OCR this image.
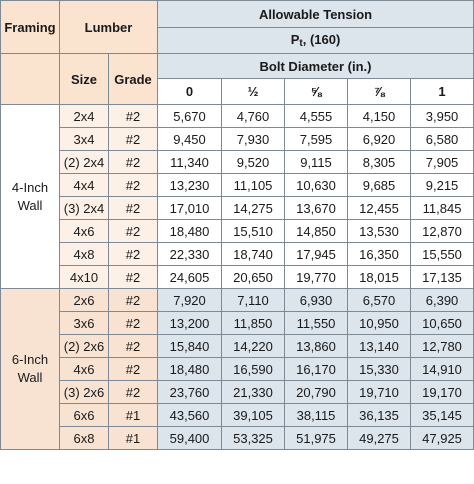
Framing	Lumber		Allowable Tension				
			$P_t$, (160)				
	Size	Grade	Bolt Diameter (in.)				
			0	½	⅝	⅞	1

4-Inch
Wall	2x4	#2	5,670	4,760	4,555	4,150	3,950
	3x4	#2	9,450	7,930	7,595	6,920	6,580
	(2) 2x4	#2	11,340	9,520	9,115	8,305	7,905
	4x4	#2	13,230	11,105	10,630	9,685	9,215
	(3) 2x4	#2	17,010	14,275	13,670	12,455	11,845
	4x6	#2	18,480	15,510	14,850	13,530	12,870
	4x8	#2	22,330	18,740	17,945	16,350	15,550
	4x10	#2	24,605	20,650	19,770	18,015	17,135

6-Inch
Wall	2x6	#2	7,920	7,110	6,930	6,570	6,390
	3x6	#2	13,200	11,850	11,550	10,950	10,650
	(2) 2x6	#2	15,840	14,220	13,860	13,140	12,780
	4x6	#2	18,480	16,590	16,170	15,330	14,910
	(3) 2x6	#2	23,760	21,330	20,790	19,710	19,170
	6x6	#1	43,560	39,105	38,115	36,135	35,145
	6x8	#1	59,400	53,325	51,975	49,275	47,925
